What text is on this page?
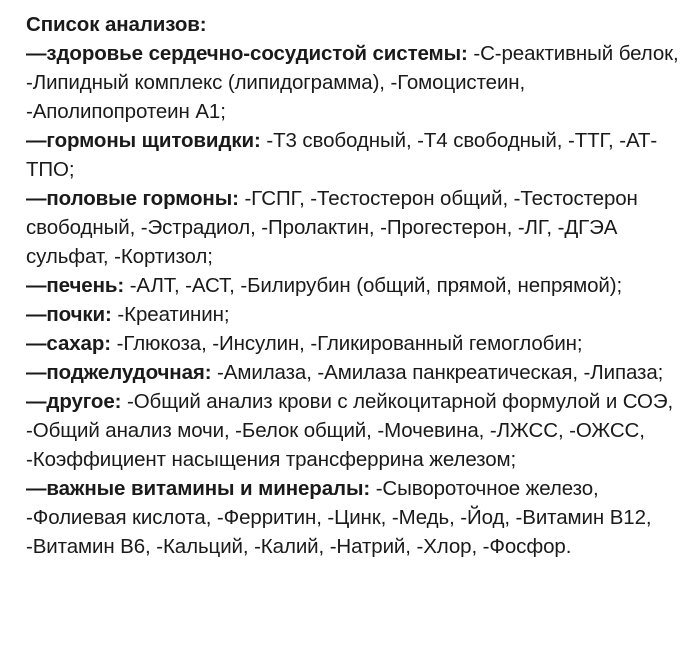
Список анализов:

—здоровье сердечно-сосудистой системы: -С-реактивный белок, -Липидный комплекс (липидограмма), -Гомоцистеин, -Аполипопротеин А1;

—гормоны щитовидки: -Т3 свободный, -Т4 свободный, -ТТГ, -АТ-ТПО;

—половые гормоны: -ГСПГ, -Тестостерон общий, -Тестостерон свободный, -Эстрадиол, -Пролактин, -Прогестерон, -ЛГ, -ДГЭА сульфат, -Кортизол;

—печень: -АЛТ, -АСТ, -Билирубин (общий, прямой, непрямой);

—почки: -Креатинин;

—сахар: -Глюкоза, -Инсулин, -Гликированный гемоглобин;

—поджелудочная: -Амилаза, -Амилаза панкреатическая, -Липаза;

—другое: -Общий анализ крови с лейкоцитарной формулой и СОЭ, -Общий анализ мочи, -Белок общий, -Мочевина, -ЛЖСС, -ОЖСС, -Коэффициент насыщения трансферрина железом;

—важные витамины и минералы: -Сывороточное железо, -Фолиевая кислота, -Ферритин, -Цинк, -Медь, -Йод, -Витамин В12, -Витамин В6, -Кальций, -Калий, -Натрий, -Хлор, -Фосфор.
